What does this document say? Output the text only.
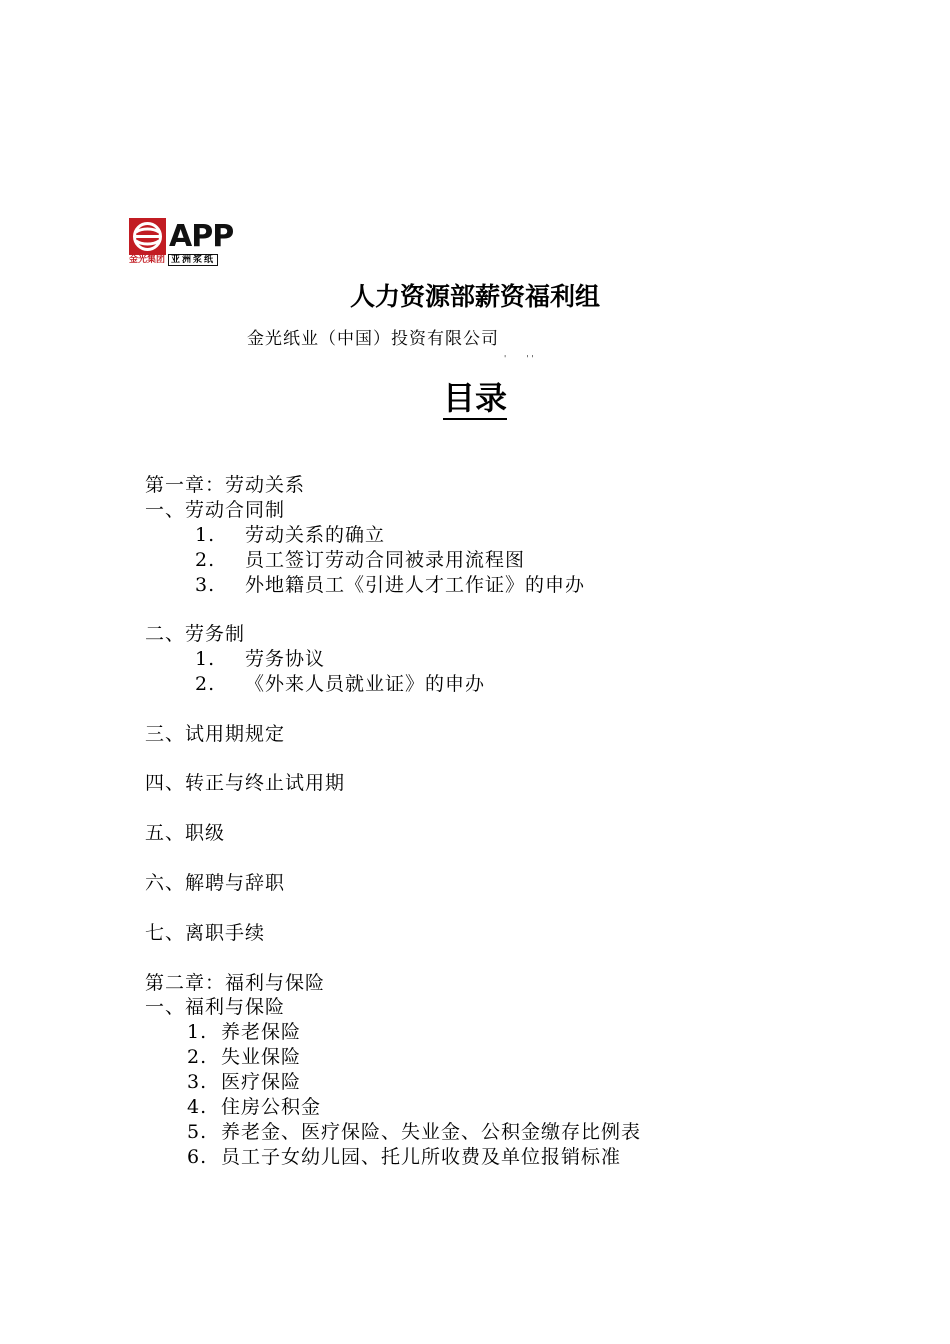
APP
金光集团 亚洲浆纸
人力资源部薪资福利组
金光纸业（中国）投资有限公司
'        ' '
目录
第一章：劳动关系
一、劳动合同制
1. 劳动关系的确立
2. 员工签订劳动合同被录用流程图
3. 外地籍员工《引进人才工作证》的申办
二、劳务制
1. 劳务协议
2. 《外来人员就业证》的申办
三、试用期规定
四、转正与终止试用期
五、职级
六、解聘与辞职
七、离职手续
第二章：福利与保险
一、福利与保险
1. 养老保险
2. 失业保险
3. 医疗保险
4. 住房公积金
5. 养老金、医疗保险、失业金、公积金缴存比例表
6. 员工子女幼儿园、托儿所收费及单位报销标准
